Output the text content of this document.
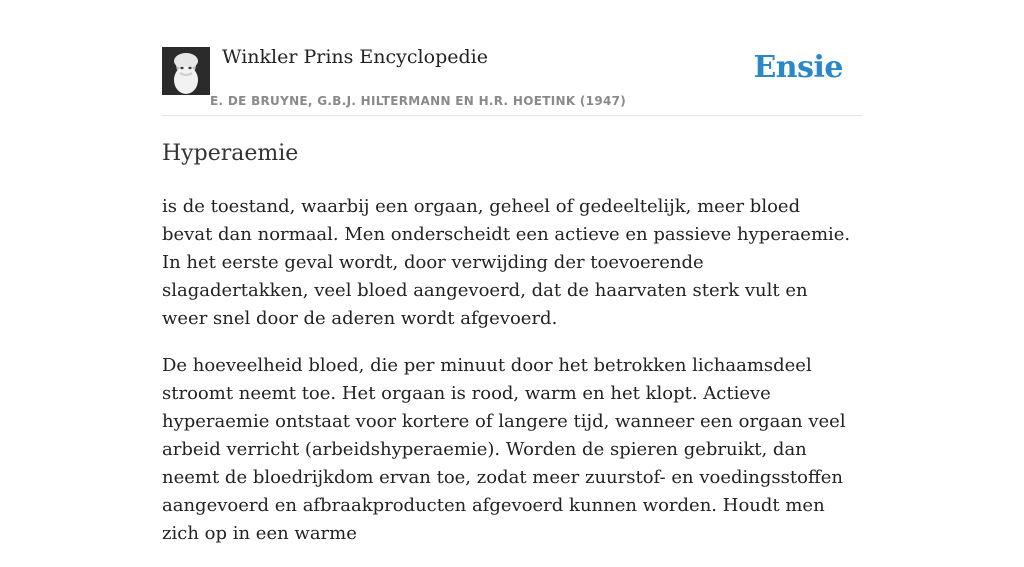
Winkler Prins Encyclopedie
E. DE BRUYNE, G.B.J. HILTERMANN EN H.R. HOETINK (1947)
Ensie
Hyperaemie

is de toestand, waarbij een orgaan, geheel of gedeeltelijk, meer bloed bevat dan normaal. Men onderscheidt een actieve en passieve hyperaemie. In het eerste geval wordt, door verwijding der toevoerende slagadertakken, veel bloed aangevoerd, dat de haarvaten sterk vult en weer snel door de aderen wordt afgevoerd.

De hoeveelheid bloed, die per minuut door het betrokken lichaamsdeel stroomt neemt toe. Het orgaan is rood, warm en het klopt. Actieve hyperaemie ontstaat voor kortere of langere tijd, wanneer een orgaan veel arbeid verricht (arbeidshyperaemie). Worden de spieren gebruikt, dan neemt de bloedrijkdom ervan toe, zodat meer zuurstof- en voedingsstoffen aangevoerd en afbraakproducten afgevoerd kunnen worden. Houdt men zich op in een warme
